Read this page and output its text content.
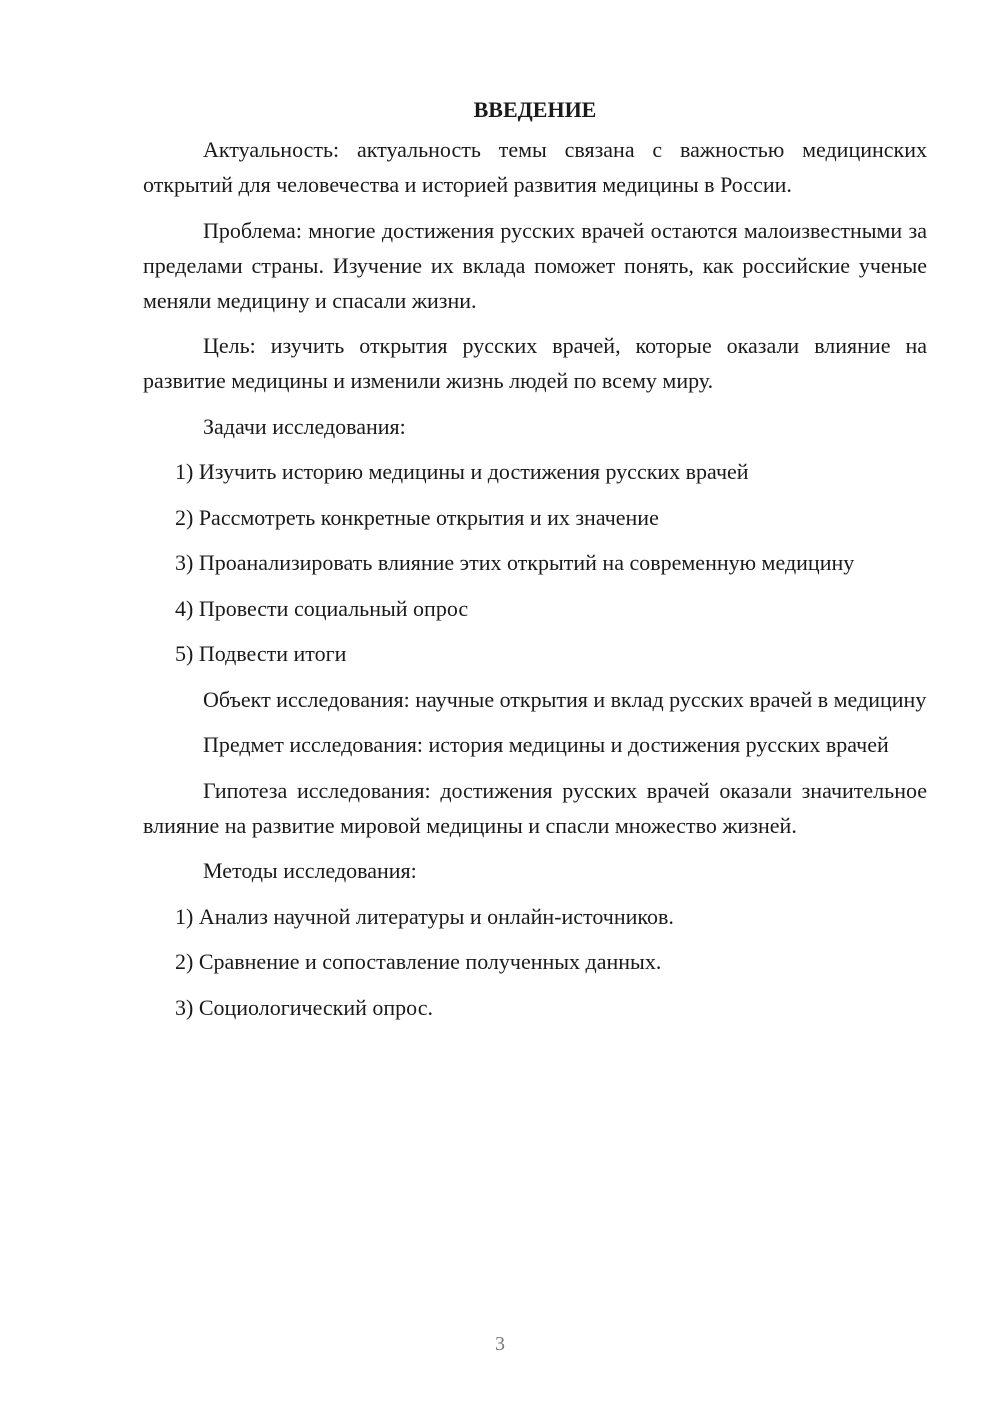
ВВЕДЕНИЕ

Актуальность: актуальность темы связана с важностью медицинских открытий для человечества и историей развития медицины в России.

Проблема: многие достижения русских врачей остаются малоизвестными за пределами страны. Изучение их вклада поможет понять, как российские ученые меняли медицину и спасали жизни.

Цель: изучить открытия русских врачей, которые оказали влияние на развитие медицины и изменили жизнь людей по всему миру.

Задачи исследования:

1) Изучить историю медицины и достижения русских врачей

2) Рассмотреть конкретные открытия и их значение

3) Проанализировать влияние этих открытий на современную медицину

4) Провести социальный опрос

5) Подвести итоги

Объект исследования: научные открытия и вклад русских врачей в медицину

Предмет исследования: история медицины и достижения русских врачей

Гипотеза исследования: достижения русских врачей оказали значительное влияние на развитие мировой медицины и спасли множество жизней.

Методы исследования:

1) Анализ научной литературы и онлайн-источников.

2) Сравнение и сопоставление полученных данных.

3) Социологический опрос.

3
